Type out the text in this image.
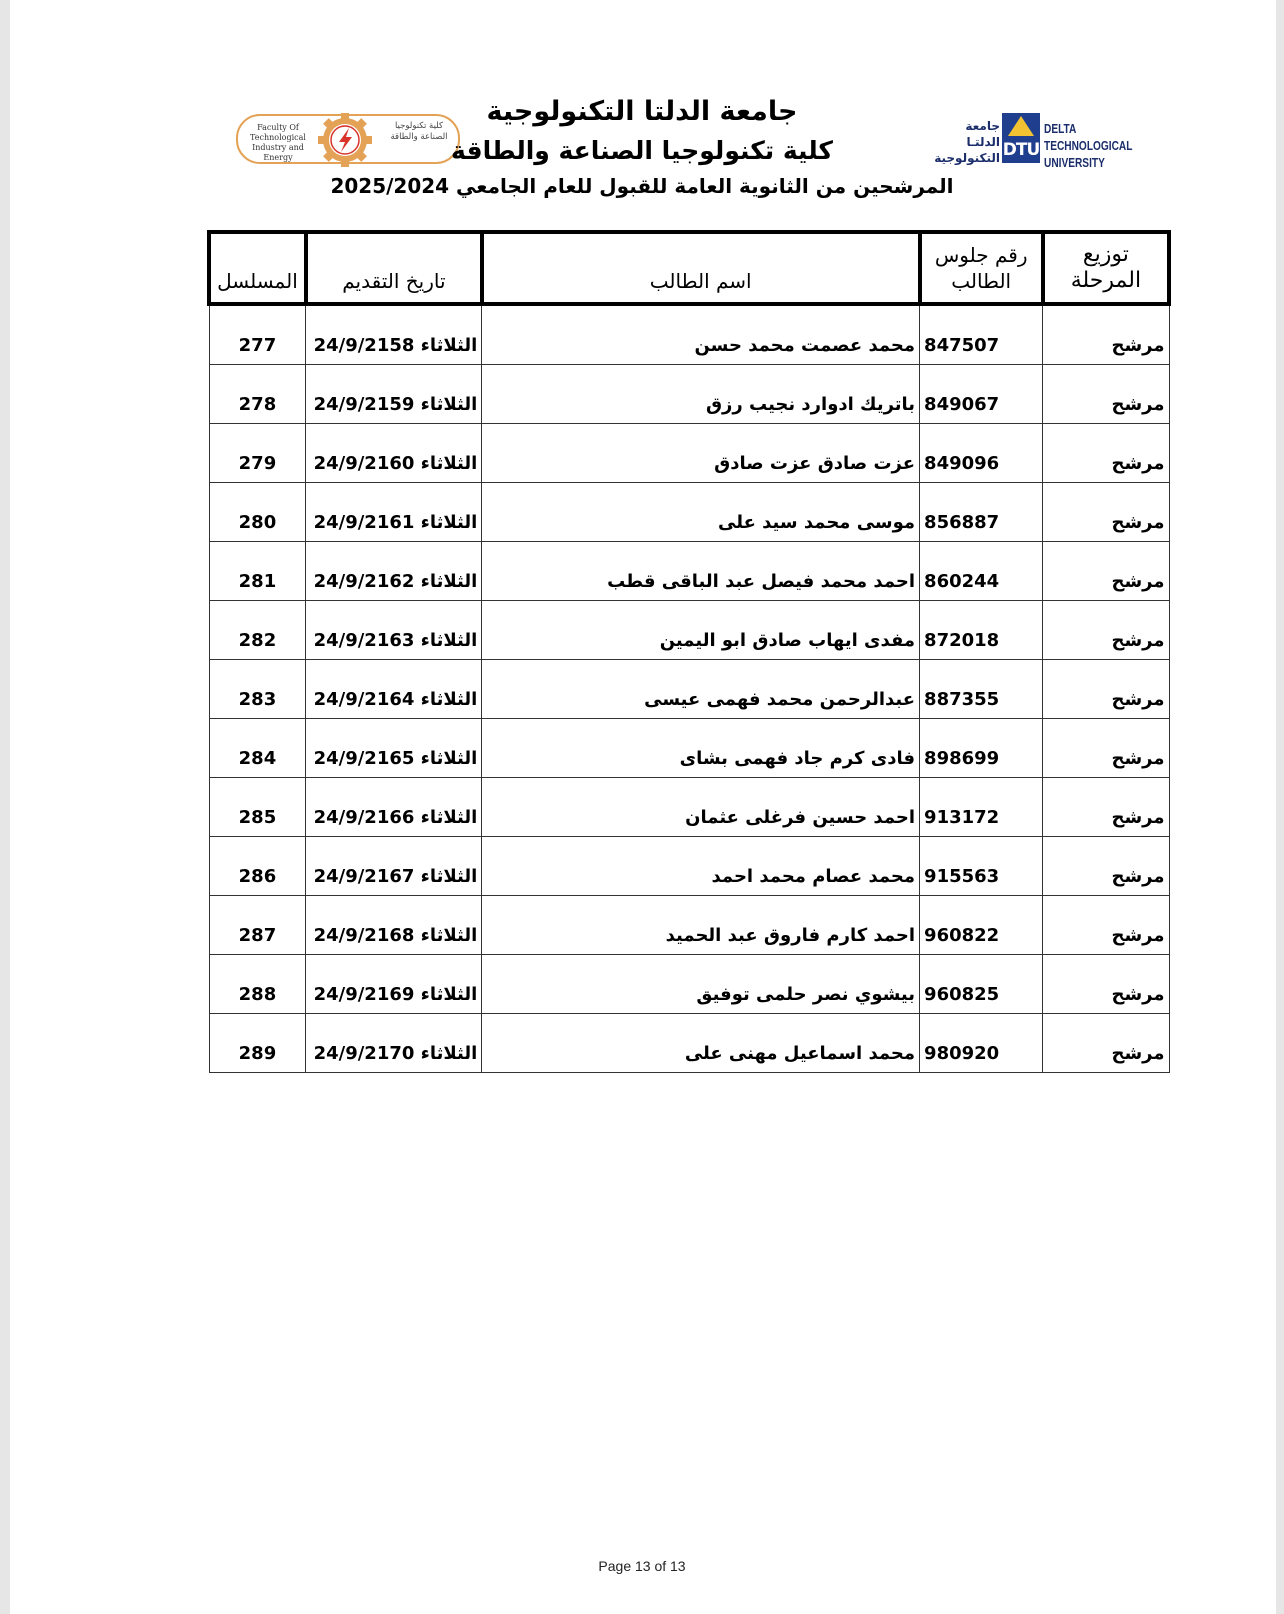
Faculty Of Technological Industry and Energy
كلية تكنولوجيا الصناعة والطاقة
جامعة الدلتا التكنولوجية
كلية تكنولوجيا الصناعة والطاقة
المرشحين من الثانوية العامة للقبول للعام الجامعي 2025/2024
جامعة الدلتـا التكنولوجية DTU
DELTA TECHNOLOGICAL UNIVERSITY
المسلسل	تاريخ التقديم	اسم الطالب	رقم جلوس الطالب	توزيع المرحلة
277	الثلاثاء 24/9/2158	محمد عصمت محمد حسن	847507	مرشح
278	الثلاثاء 24/9/2159	باتريك ادوارد نجيب رزق	849067	مرشح
279	الثلاثاء 24/9/2160	عزت صادق عزت صادق	849096	مرشح
280	الثلاثاء 24/9/2161	موسى محمد سيد على	856887	مرشح
281	الثلاثاء 24/9/2162	احمد محمد فيصل عبد الباقى قطب	860244	مرشح
282	الثلاثاء 24/9/2163	مفدى ايهاب صادق ابو اليمين	872018	مرشح
283	الثلاثاء 24/9/2164	عبدالرحمن محمد فهمى عيسى	887355	مرشح
284	الثلاثاء 24/9/2165	فادى كرم جاد فهمى بشاى	898699	مرشح
285	الثلاثاء 24/9/2166	احمد حسين فرغلى عثمان	913172	مرشح
286	الثلاثاء 24/9/2167	محمد عصام محمد احمد	915563	مرشح
287	الثلاثاء 24/9/2168	احمد كارم فاروق عبد الحميد	960822	مرشح
288	الثلاثاء 24/9/2169	بيشوي نصر حلمى توفيق	960825	مرشح
289	الثلاثاء 24/9/2170	محمد اسماعيل مهنى على	980920	مرشح
Page 13 of 13
